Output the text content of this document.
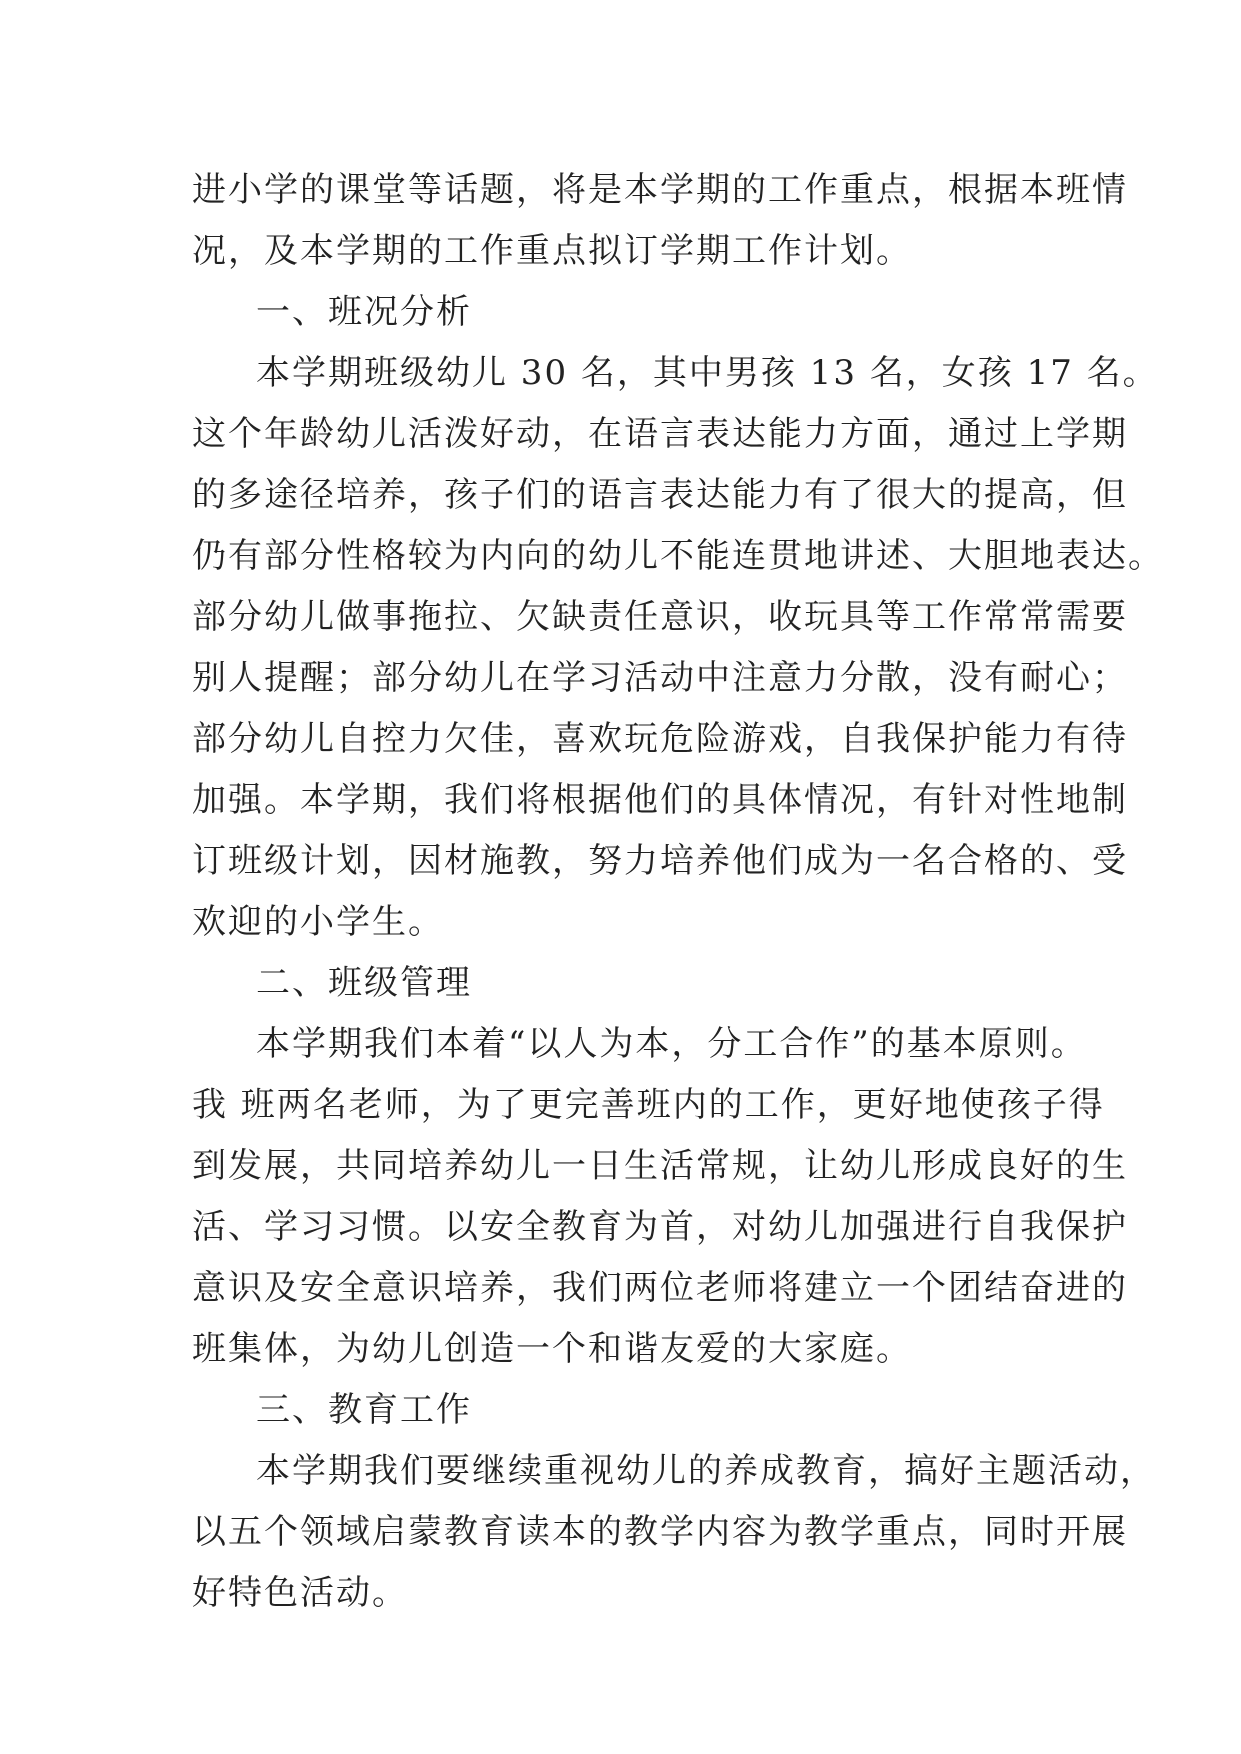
进小学的课堂等话题，将是本学期的工作重点，根据本班情
况，及本学期的工作重点拟订学期工作计划。
一、班况分析
本学期班级幼儿 30 名，其中男孩 13 名，女孩 17 名。
这个年龄幼儿活泼好动，在语言表达能力方面，通过上学期
的多途径培养，孩子们的语言表达能力有了很大的提高，但
仍有部分性格较为内向的幼儿不能连贯地讲述、大胆地表达。
部分幼儿做事拖拉、欠缺责任意识，收玩具等工作常常需要
别人提醒；部分幼儿在学习活动中注意力分散，没有耐心；
部分幼儿自控力欠佳，喜欢玩危险游戏，自我保护能力有待
加强。本学期，我们将根据他们的具体情况，有针对性地制
订班级计划，因材施教，努力培养他们成为一名合格的、受
欢迎的小学生。
二、班级管理
本学期我们本着“以人为本，分工合作”的基本原则。
我 班两名老师，为了更完善班内的工作，更好地使孩子得
到发展，共同培养幼儿一日生活常规，让幼儿形成良好的生
活、学习习惯。以安全教育为首，对幼儿加强进行自我保护
意识及安全意识培养，我们两位老师将建立一个团结奋进的
班集体，为幼儿创造一个和谐友爱的大家庭。
三、教育工作
本学期我们要继续重视幼儿的养成教育，搞好主题活动，
以五个领域启蒙教育读本的教学内容为教学重点，同时开展
好特色活动。
